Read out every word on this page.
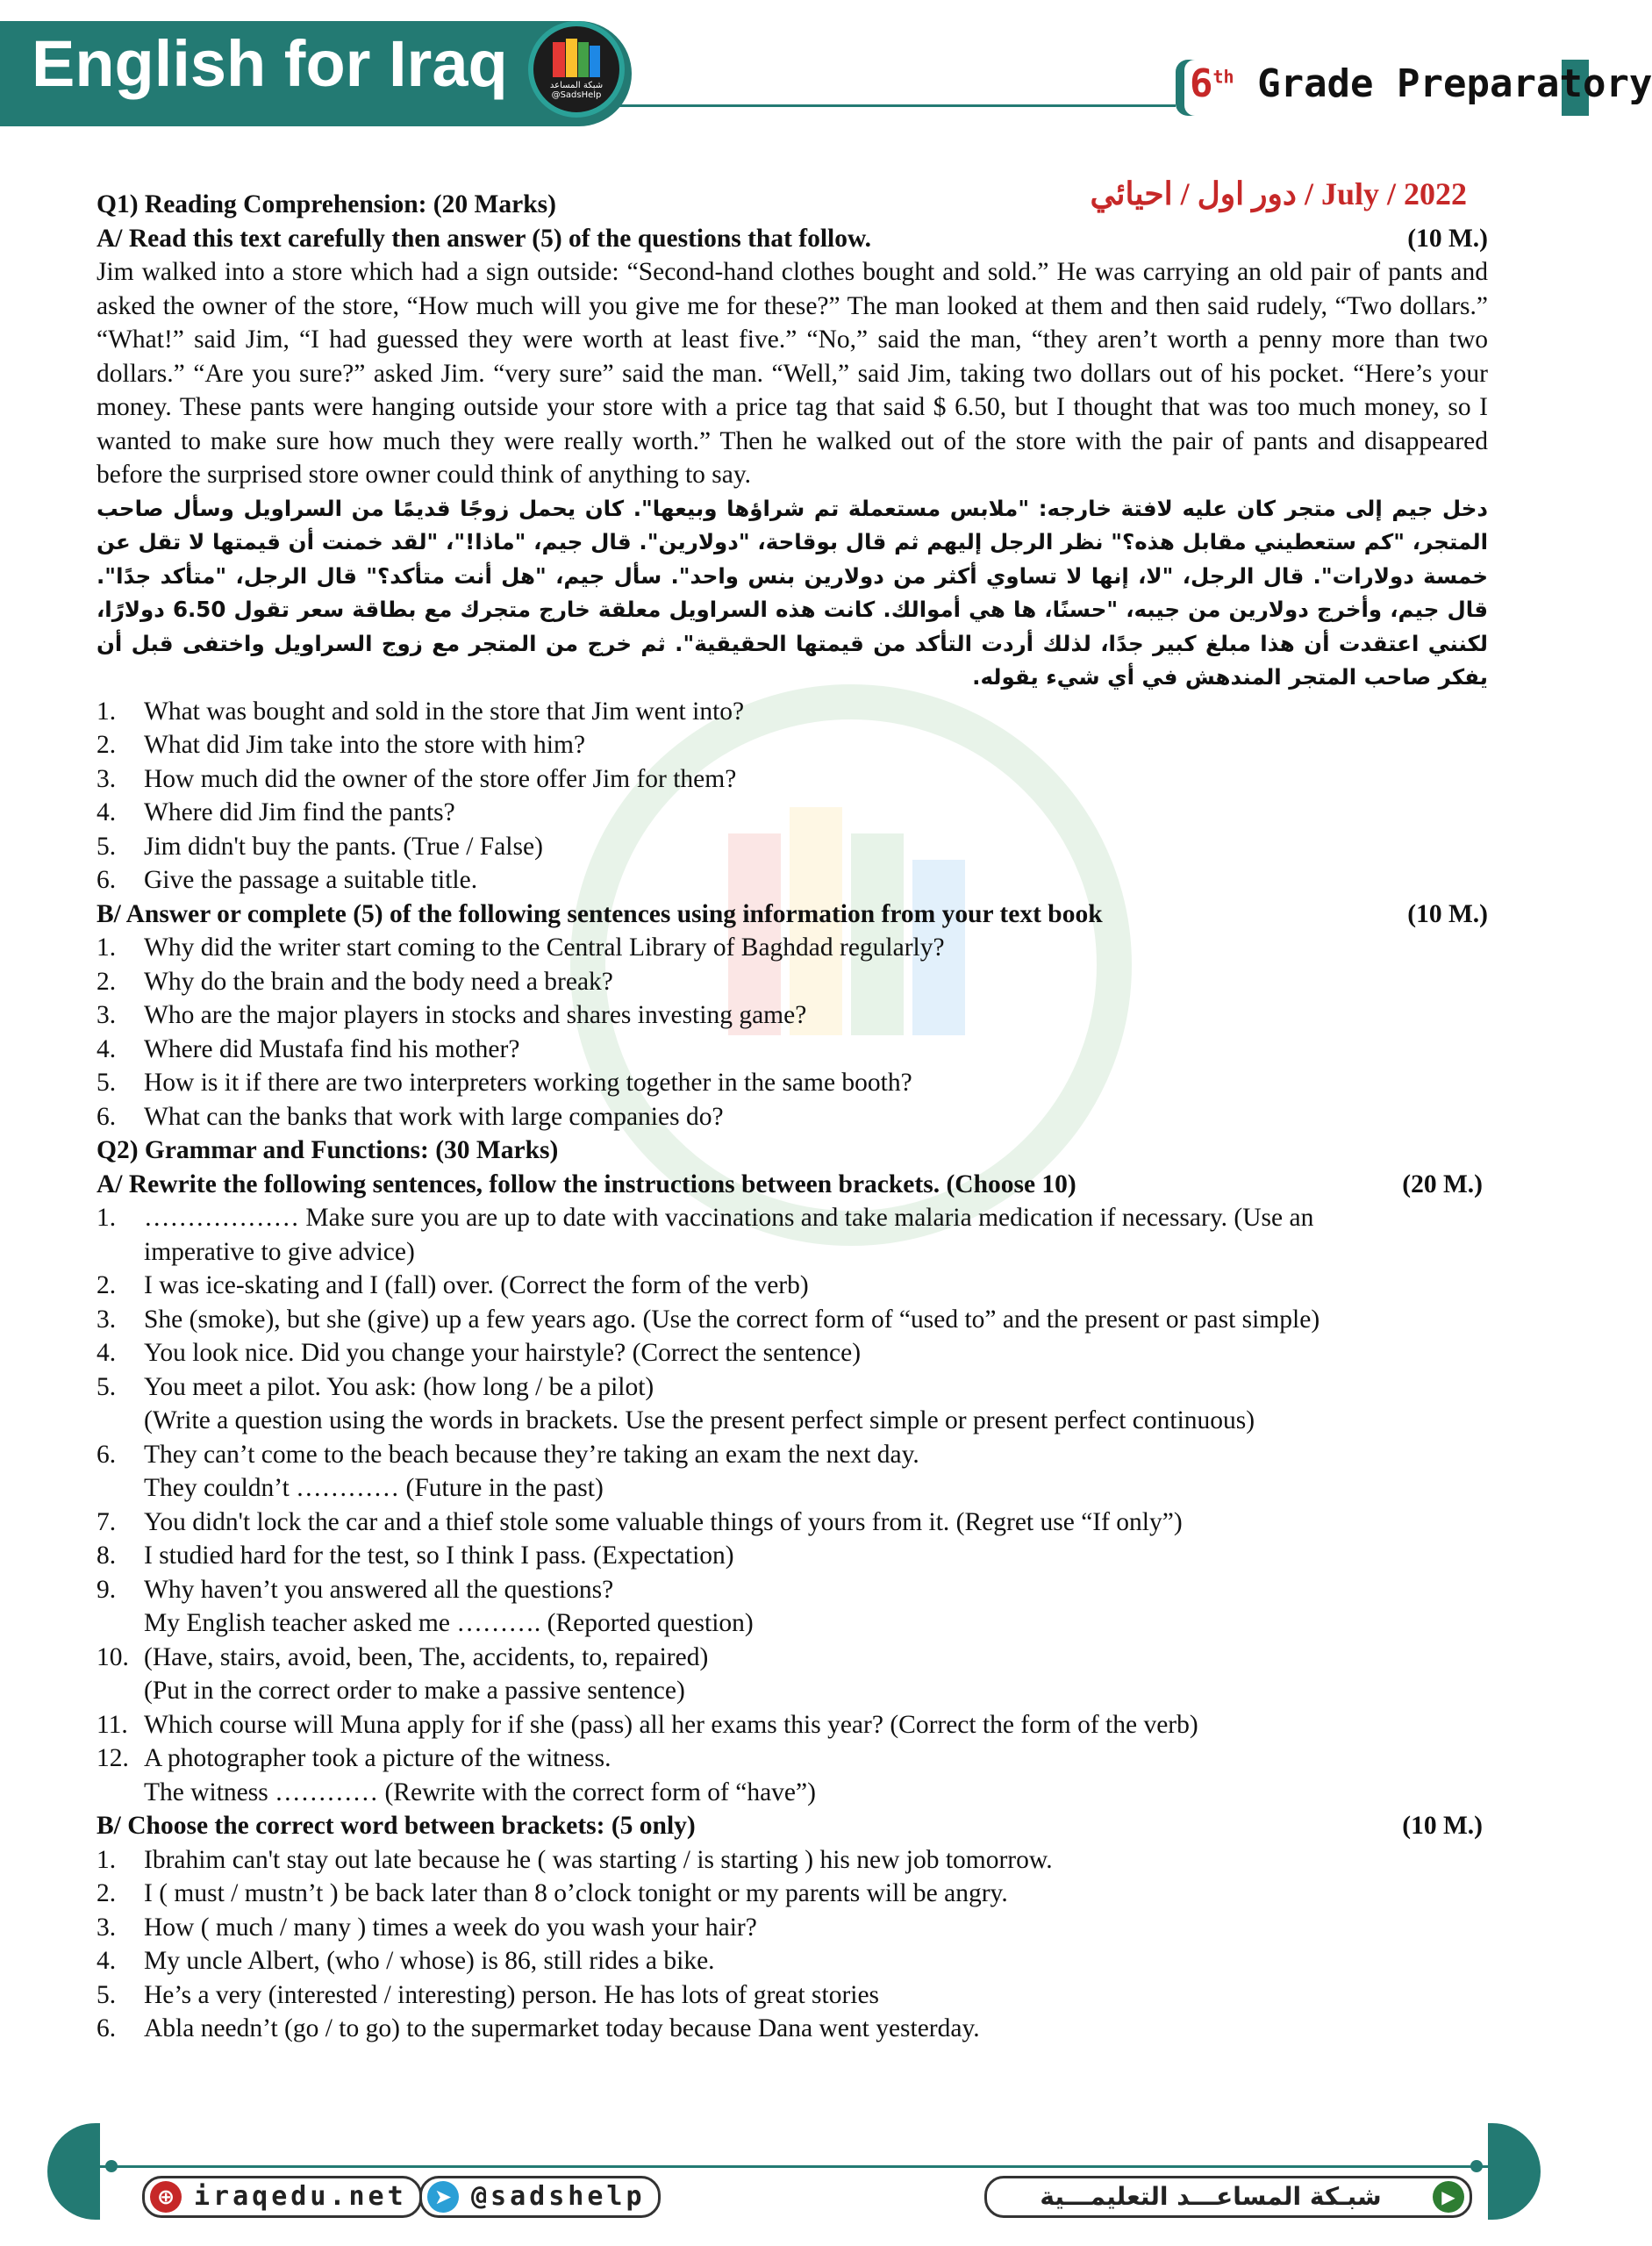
English for Iraq	شبكة المساعد
@SadsHelp	6th Grade Preparatory
Q1) Reading Comprehension: (20 Marks)	دور اول / احيائي / July / 2022
A/ Read this text carefully then answer (5) of the questions that follow.	(10 M.)
Jim walked into a store which had a sign outside: “Second-hand clothes bought and sold.” He was carrying an old pair of pants and asked the owner of the store, “How much will you give me for these?” The man looked at them and then said rudely, “Two dollars.” “What!” said Jim, “I had guessed they were worth at least five.” “No,” said the man, “they aren’t worth a penny more than two dollars.” “Are you sure?” asked Jim. “very sure” said the man. “Well,” said Jim, taking two dollars out of his pocket. “Here’s your money. These pants were hanging outside your store with a price tag that said $ 6.50, but I thought that was too much money, so I wanted to make sure how much they were really worth.” Then he walked out of the store with the pair of pants and disappeared before the surprised store owner could think of anything to say.
دخل جيم إلى متجر كان عليه لافتة خارجه: "ملابس مستعملة تم شراؤها وبيعها". كان يحمل زوجًا قديمًا من السراويل وسأل صاحب المتجر، "كم ستعطيني مقابل هذه؟" نظر الرجل إليهم ثم قال بوقاحة، "دولارين". قال جيم، "ماذا!"، "لقد خمنت أن قيمتها لا تقل عن خمسة دولارات". قال الرجل، "لا، إنها لا تساوي أكثر من دولارين بنس واحد". سأل جيم، "هل أنت متأكد؟" قال الرجل، "متأكد جدًا". قال جيم، وأخرج دولارين من جيبه، "حسنًا، ها هي أموالك. كانت هذه السراويل معلقة خارج متجرك مع بطاقة سعر تقول 6.50 دولارًا، لكنني اعتقدت أن هذا مبلغ كبير جدًا، لذلك أردت التأكد من قيمتها الحقيقية". ثم خرج من المتجر مع زوج السراويل واختفى قبل أن يفكر صاحب المتجر المندهش في أي شيء يقوله.
1. What was bought and sold in the store that Jim went into?
2. What did Jim take into the store with him?
3. How much did the owner of the store offer Jim for them?
4. Where did Jim find the pants?
5. Jim didn't buy the pants. (True / False)
6. Give the passage a suitable title.
B/ Answer or complete (5) of the following sentences using information from your text book	(10 M.)
1. Why did the writer start coming to the Central Library of Baghdad regularly?
2. Why do the brain and the body need a break?
3. Who are the major players in stocks and shares investing game?
4. Where did Mustafa find his mother?
5. How is it if there are two interpreters working together in the same booth?
6. What can the banks that work with large companies do?
Q2) Grammar and Functions: (30 Marks)
A/ Rewrite the following sentences, follow the instructions between brackets. (Choose 10)	(20 M.)
1. ……………… Make sure you are up to date with vaccinations and take malaria medication if necessary. (Use an
imperative to give advice)
2. I was ice-skating and I (fall) over. (Correct the form of the verb)
3. She (smoke), but she (give) up a few years ago. (Use the correct form of “used to” and the present or past simple)
4. You look nice. Did you change your hairstyle? (Correct the sentence)
5. You meet a pilot. You ask: (how long / be a pilot)
(Write a question using the words in brackets. Use the present perfect simple or present perfect continuous)
6. They can’t come to the beach because they’re taking an exam the next day.
They couldn’t ………… (Future in the past)
7. You didn't lock the car and a thief stole some valuable things of yours from it. (Regret use “If only”)
8. I studied hard for the test, so I think I pass. (Expectation)
9. Why haven’t you answered all the questions?
My English teacher asked me ………. (Reported question)
10. (Have, stairs, avoid, been, The, accidents, to, repaired)
(Put in the correct order to make a passive sentence)
11. Which course will Muna apply for if she (pass) all her exams this year? (Correct the form of the verb)
12. A photographer took a picture of the witness.
The witness ………… (Rewrite with the correct form of “have”)
B/ Choose the correct word between brackets: (5 only)	(10 M.)
1. Ibrahim can't stay out late because he ( was starting / is starting ) his new job tomorrow.
2. I ( must / mustn’t ) be back later than 8 o’clock tonight or my parents will be angry.
3. How ( much / many ) times a week do you wash your hair?
4. My uncle Albert, (who / whose) is 86, still rides a bike.
5. He’s a very (interested / interesting) person. He has lots of great stories
6. Abla needn’t (go / to go) to the supermarket today because Dana went yesterday.
⊕ iraqedu.net	➤ @sadshelp	▶
شبـكة المساعـــد التعليمـــية
